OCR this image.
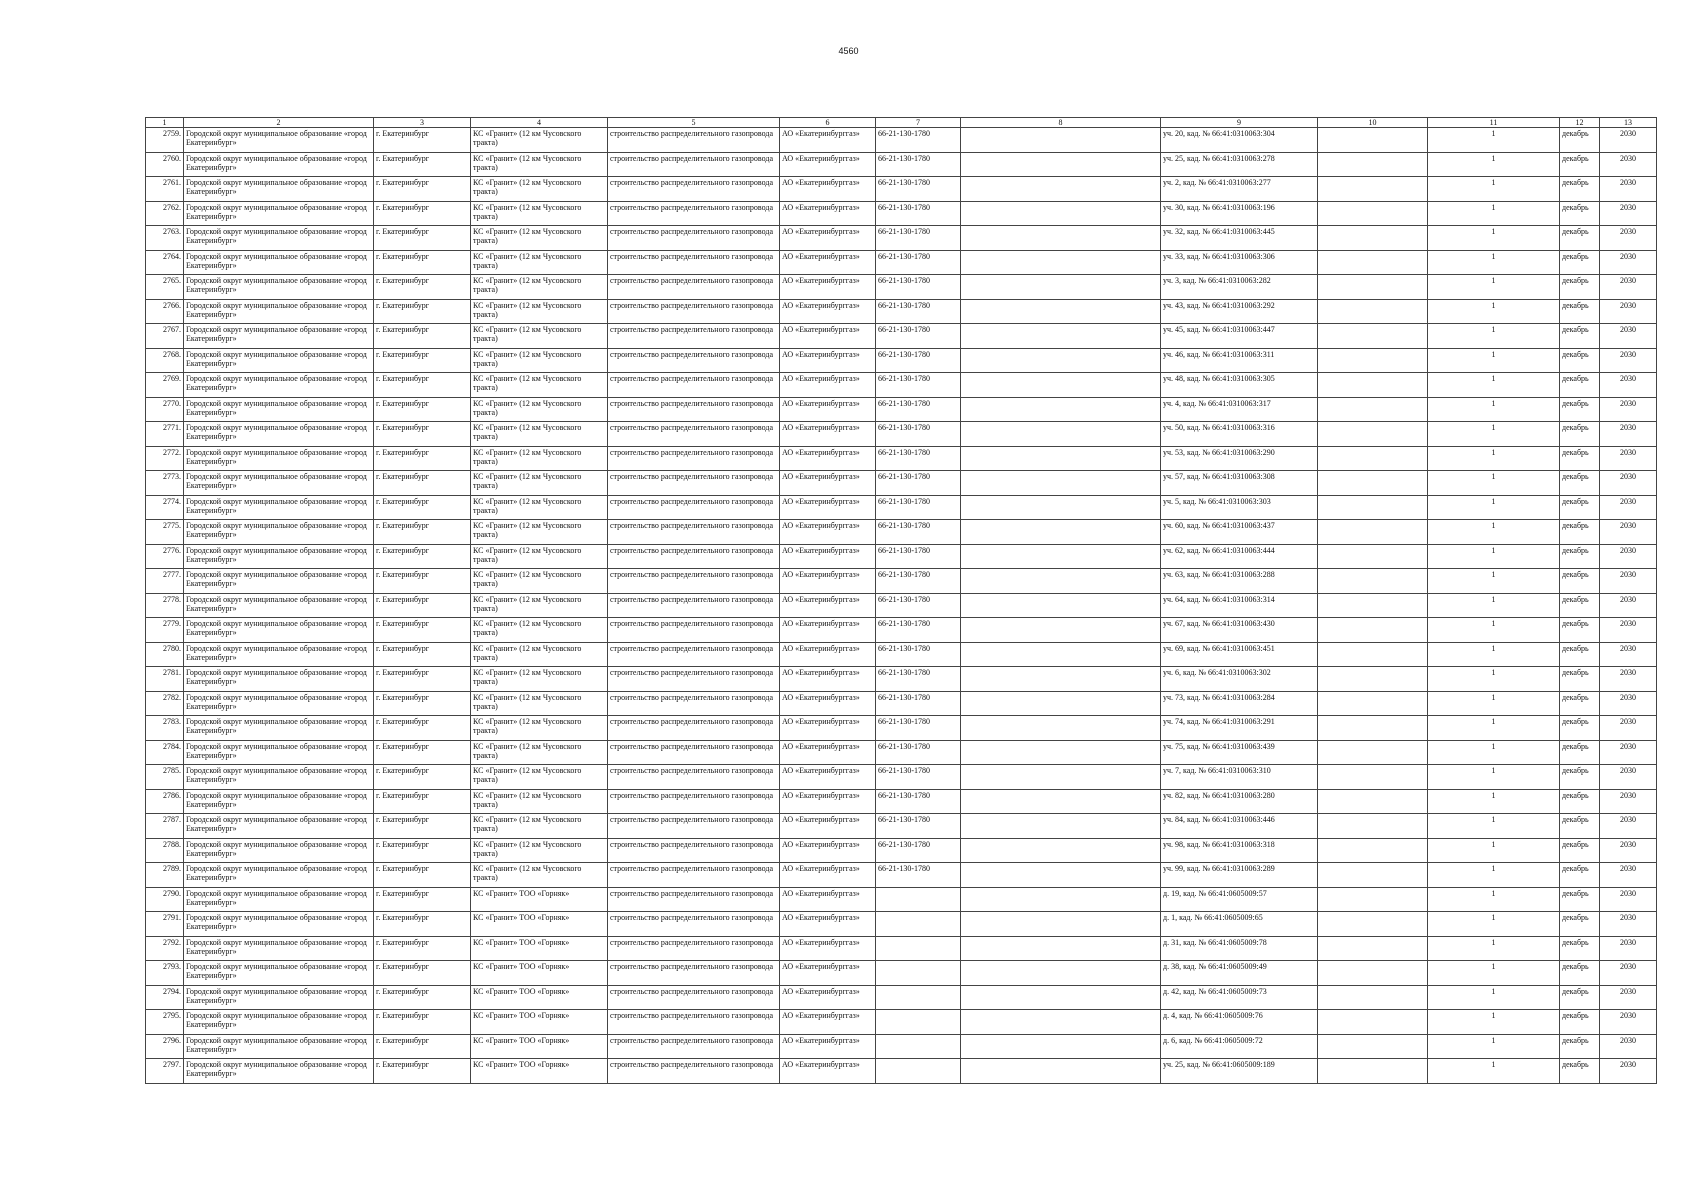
4560
1	2	3	4	5	6	7	8	9	10	11	12	13
2759.	Городской округ муниципальное образование «город Екатеринбург»	г. Екатеринбург	КС «Гранит» (12 км Чусовского тракта)	строительство распределительного газопровода	АО «Екатеринбурггаз»	66-21-130-1780		уч. 20, кад. № 66:41:0310063:304		1	декабрь	2030
2760.	Городской округ муниципальное образование «город Екатеринбург»	г. Екатеринбург	КС «Гранит» (12 км Чусовского тракта)	строительство распределительного газопровода	АО «Екатеринбурггаз»	66-21-130-1780		уч. 25, кад. № 66:41:0310063:278		1	декабрь	2030
2761.	Городской округ муниципальное образование «город Екатеринбург»	г. Екатеринбург	КС «Гранит» (12 км Чусовского тракта)	строительство распределительного газопровода	АО «Екатеринбурггаз»	66-21-130-1780		уч. 2, кад. № 66:41:0310063:277		1	декабрь	2030
2762.	Городской округ муниципальное образование «город Екатеринбург»	г. Екатеринбург	КС «Гранит» (12 км Чусовского тракта)	строительство распределительного газопровода	АО «Екатеринбурггаз»	66-21-130-1780		уч. 30, кад. № 66:41:0310063:196		1	декабрь	2030
2763.	Городской округ муниципальное образование «город Екатеринбург»	г. Екатеринбург	КС «Гранит» (12 км Чусовского тракта)	строительство распределительного газопровода	АО «Екатеринбурггаз»	66-21-130-1780		уч. 32, кад. № 66:41:0310063:445		1	декабрь	2030
2764.	Городской округ муниципальное образование «город Екатеринбург»	г. Екатеринбург	КС «Гранит» (12 км Чусовского тракта)	строительство распределительного газопровода	АО «Екатеринбурггаз»	66-21-130-1780		уч. 33, кад. № 66:41:0310063:306		1	декабрь	2030
2765.	Городской округ муниципальное образование «город Екатеринбург»	г. Екатеринбург	КС «Гранит» (12 км Чусовского тракта)	строительство распределительного газопровода	АО «Екатеринбурггаз»	66-21-130-1780		уч. 3, кад. № 66:41:0310063:282		1	декабрь	2030
2766.	Городской округ муниципальное образование «город Екатеринбург»	г. Екатеринбург	КС «Гранит» (12 км Чусовского тракта)	строительство распределительного газопровода	АО «Екатеринбурггаз»	66-21-130-1780		уч. 43, кад. № 66:41:0310063:292		1	декабрь	2030
2767.	Городской округ муниципальное образование «город Екатеринбург»	г. Екатеринбург	КС «Гранит» (12 км Чусовского тракта)	строительство распределительного газопровода	АО «Екатеринбурггаз»	66-21-130-1780		уч. 45, кад. № 66:41:0310063:447		1	декабрь	2030
2768.	Городской округ муниципальное образование «город Екатеринбург»	г. Екатеринбург	КС «Гранит» (12 км Чусовского тракта)	строительство распределительного газопровода	АО «Екатеринбурггаз»	66-21-130-1780		уч. 46, кад. № 66:41:0310063:311		1	декабрь	2030
2769.	Городской округ муниципальное образование «город Екатеринбург»	г. Екатеринбург	КС «Гранит» (12 км Чусовского тракта)	строительство распределительного газопровода	АО «Екатеринбурггаз»	66-21-130-1780		уч. 48, кад. № 66:41:0310063:305		1	декабрь	2030
2770.	Городской округ муниципальное образование «город Екатеринбург»	г. Екатеринбург	КС «Гранит» (12 км Чусовского тракта)	строительство распределительного газопровода	АО «Екатеринбурггаз»	66-21-130-1780		уч. 4, кад. № 66:41:0310063:317		1	декабрь	2030
2771.	Городской округ муниципальное образование «город Екатеринбург»	г. Екатеринбург	КС «Гранит» (12 км Чусовского тракта)	строительство распределительного газопровода	АО «Екатеринбурггаз»	66-21-130-1780		уч. 50, кад. № 66:41:0310063:316		1	декабрь	2030
2772.	Городской округ муниципальное образование «город Екатеринбург»	г. Екатеринбург	КС «Гранит» (12 км Чусовского тракта)	строительство распределительного газопровода	АО «Екатеринбурггаз»	66-21-130-1780		уч. 53, кад. № 66:41:0310063:290		1	декабрь	2030
2773.	Городской округ муниципальное образование «город Екатеринбург»	г. Екатеринбург	КС «Гранит» (12 км Чусовского тракта)	строительство распределительного газопровода	АО «Екатеринбурггаз»	66-21-130-1780		уч. 57, кад. № 66:41:0310063:308		1	декабрь	2030
2774.	Городской округ муниципальное образование «город Екатеринбург»	г. Екатеринбург	КС «Гранит» (12 км Чусовского тракта)	строительство распределительного газопровода	АО «Екатеринбурггаз»	66-21-130-1780		уч. 5, кад. № 66:41:0310063:303		1	декабрь	2030
2775.	Городской округ муниципальное образование «город Екатеринбург»	г. Екатеринбург	КС «Гранит» (12 км Чусовского тракта)	строительство распределительного газопровода	АО «Екатеринбурггаз»	66-21-130-1780		уч. 60, кад. № 66:41:0310063:437		1	декабрь	2030
2776.	Городской округ муниципальное образование «город Екатеринбург»	г. Екатеринбург	КС «Гранит» (12 км Чусовского тракта)	строительство распределительного газопровода	АО «Екатеринбурггаз»	66-21-130-1780		уч. 62, кад. № 66:41:0310063:444		1	декабрь	2030
2777.	Городской округ муниципальное образование «город Екатеринбург»	г. Екатеринбург	КС «Гранит» (12 км Чусовского тракта)	строительство распределительного газопровода	АО «Екатеринбурггаз»	66-21-130-1780		уч. 63, кад. № 66:41:0310063:288		1	декабрь	2030
2778.	Городской округ муниципальное образование «город Екатеринбург»	г. Екатеринбург	КС «Гранит» (12 км Чусовского тракта)	строительство распределительного газопровода	АО «Екатеринбурггаз»	66-21-130-1780		уч. 64, кад. № 66:41:0310063:314		1	декабрь	2030
2779.	Городской округ муниципальное образование «город Екатеринбург»	г. Екатеринбург	КС «Гранит» (12 км Чусовского тракта)	строительство распределительного газопровода	АО «Екатеринбурггаз»	66-21-130-1780		уч. 67, кад. № 66:41:0310063:430		1	декабрь	2030
2780.	Городской округ муниципальное образование «город Екатеринбург»	г. Екатеринбург	КС «Гранит» (12 км Чусовского тракта)	строительство распределительного газопровода	АО «Екатеринбурггаз»	66-21-130-1780		уч. 69, кад. № 66:41:0310063:451		1	декабрь	2030
2781.	Городской округ муниципальное образование «город Екатеринбург»	г. Екатеринбург	КС «Гранит» (12 км Чусовского тракта)	строительство распределительного газопровода	АО «Екатеринбурггаз»	66-21-130-1780		уч. 6, кад. № 66:41:0310063:302		1	декабрь	2030
2782.	Городской округ муниципальное образование «город Екатеринбург»	г. Екатеринбург	КС «Гранит» (12 км Чусовского тракта)	строительство распределительного газопровода	АО «Екатеринбурггаз»	66-21-130-1780		уч. 73, кад. № 66:41:0310063:284		1	декабрь	2030
2783.	Городской округ муниципальное образование «город Екатеринбург»	г. Екатеринбург	КС «Гранит» (12 км Чусовского тракта)	строительство распределительного газопровода	АО «Екатеринбурггаз»	66-21-130-1780		уч. 74, кад. № 66:41:0310063:291		1	декабрь	2030
2784.	Городской округ муниципальное образование «город Екатеринбург»	г. Екатеринбург	КС «Гранит» (12 км Чусовского тракта)	строительство распределительного газопровода	АО «Екатеринбурггаз»	66-21-130-1780		уч. 75, кад. № 66:41:0310063:439		1	декабрь	2030
2785.	Городской округ муниципальное образование «город Екатеринбург»	г. Екатеринбург	КС «Гранит» (12 км Чусовского тракта)	строительство распределительного газопровода	АО «Екатеринбурггаз»	66-21-130-1780		уч. 7, кад. № 66:41:0310063:310		1	декабрь	2030
2786.	Городской округ муниципальное образование «город Екатеринбург»	г. Екатеринбург	КС «Гранит» (12 км Чусовского тракта)	строительство распределительного газопровода	АО «Екатеринбурггаз»	66-21-130-1780		уч. 82, кад. № 66:41:0310063:280		1	декабрь	2030
2787.	Городской округ муниципальное образование «город Екатеринбург»	г. Екатеринбург	КС «Гранит» (12 км Чусовского тракта)	строительство распределительного газопровода	АО «Екатеринбурггаз»	66-21-130-1780		уч. 84, кад. № 66:41:0310063:446		1	декабрь	2030
2788.	Городской округ муниципальное образование «город Екатеринбург»	г. Екатеринбург	КС «Гранит» (12 км Чусовского тракта)	строительство распределительного газопровода	АО «Екатеринбурггаз»	66-21-130-1780		уч. 98, кад. № 66:41:0310063:318		1	декабрь	2030
2789.	Городской округ муниципальное образование «город Екатеринбург»	г. Екатеринбург	КС «Гранит» (12 км Чусовского тракта)	строительство распределительного газопровода	АО «Екатеринбурггаз»	66-21-130-1780		уч. 99, кад. № 66:41:0310063:289		1	декабрь	2030
2790.	Городской округ муниципальное образование «город Екатеринбург»	г. Екатеринбург	КС «Гранит» ТОО «Горняк»	строительство распределительного газопровода	АО «Екатеринбурггаз»			д. 19, кад. № 66:41:0605009:57		1	декабрь	2030
2791.	Городской округ муниципальное образование «город Екатеринбург»	г. Екатеринбург	КС «Гранит» ТОО «Горняк»	строительство распределительного газопровода	АО «Екатеринбурггаз»			д. 1, кад. № 66:41:0605009:65		1	декабрь	2030
2792.	Городской округ муниципальное образование «город Екатеринбург»	г. Екатеринбург	КС «Гранит» ТОО «Горняк»	строительство распределительного газопровода	АО «Екатеринбурггаз»			д. 31, кад. № 66:41:0605009:78		1	декабрь	2030
2793.	Городской округ муниципальное образование «город Екатеринбург»	г. Екатеринбург	КС «Гранит» ТОО «Горняк»	строительство распределительного газопровода	АО «Екатеринбурггаз»			д. 38, кад. № 66:41:0605009:49		1	декабрь	2030
2794.	Городской округ муниципальное образование «город Екатеринбург»	г. Екатеринбург	КС «Гранит» ТОО «Горняк»	строительство распределительного газопровода	АО «Екатеринбурггаз»			д. 42, кад. № 66:41:0605009:73		1	декабрь	2030
2795.	Городской округ муниципальное образование «город Екатеринбург»	г. Екатеринбург	КС «Гранит» ТОО «Горняк»	строительство распределительного газопровода	АО «Екатеринбурггаз»			д. 4, кад. № 66:41:0605009:76		1	декабрь	2030
2796.	Городской округ муниципальное образование «город Екатеринбург»	г. Екатеринбург	КС «Гранит» ТОО «Горняк»	строительство распределительного газопровода	АО «Екатеринбурггаз»			д. 6, кад. № 66:41:0605009:72		1	декабрь	2030
2797.	Городской округ муниципальное образование «город Екатеринбург»	г. Екатеринбург	КС «Гранит» ТОО «Горняк»	строительство распределительного газопровода	АО «Екатеринбурггаз»			уч. 25, кад. № 66:41:0605009:189		1	декабрь	2030
